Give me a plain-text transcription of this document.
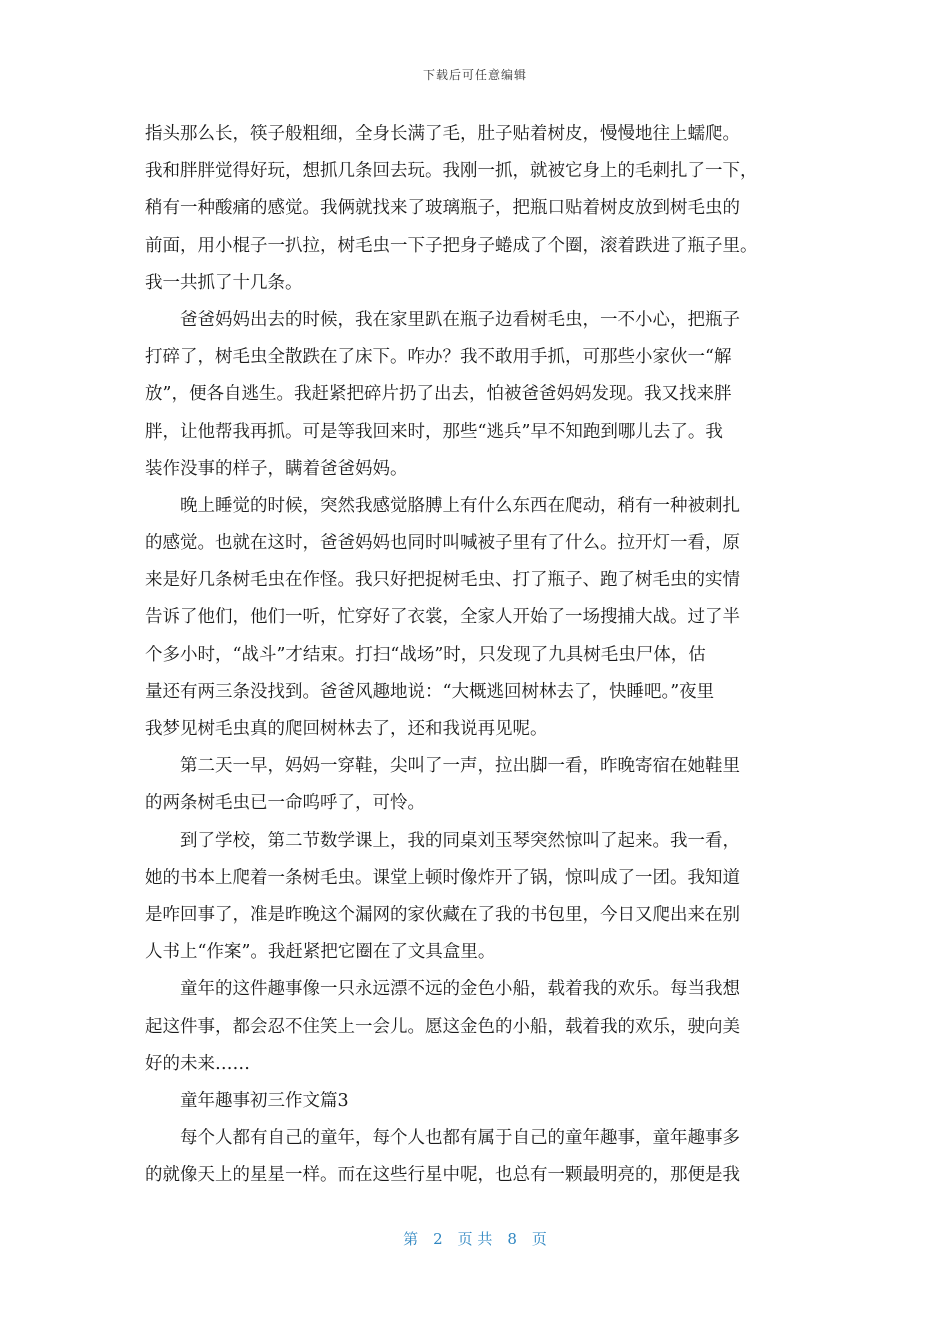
下载后可任意编辑
指头那么长，筷子般粗细，全身长满了毛，肚子贴着树皮，慢慢地往上蠕爬。
我和胖胖觉得好玩，想抓几条回去玩。我刚一抓，就被它身上的毛刺扎了一下，
稍有一种酸痛的感觉。我俩就找来了玻璃瓶子，把瓶口贴着树皮放到树毛虫的
前面，用小棍子一扒拉，树毛虫一下子把身子蜷成了个圈，滚着跌进了瓶子里。
我一共抓了十几条。
　　爸爸妈妈出去的时候，我在家里趴在瓶子边看树毛虫，一不小心，把瓶子
打碎了，树毛虫全散跌在了床下。咋办？我不敢用手抓，可那些小家伙一“解
放”，便各自逃生。我赶紧把碎片扔了出去，怕被爸爸妈妈发现。我又找来胖
胖，让他帮我再抓。可是等我回来时，那些“逃兵”早不知跑到哪儿去了。我
装作没事的样子，瞒着爸爸妈妈。
　　晚上睡觉的时候，突然我感觉胳膊上有什么东西在爬动，稍有一种被刺扎
的感觉。也就在这时，爸爸妈妈也同时叫喊被子里有了什么。拉开灯一看，原
来是好几条树毛虫在作怪。我只好把捉树毛虫、打了瓶子、跑了树毛虫的实情
告诉了他们，他们一听，忙穿好了衣裳，全家人开始了一场搜捕大战。过了半
个多小时，“战斗”才结束。打扫“战场”时，只发现了九具树毛虫尸体，估
量还有两三条没找到。爸爸风趣地说：“大概逃回树林去了，快睡吧。”夜里
我梦见树毛虫真的爬回树林去了，还和我说再见呢。
　　第二天一早，妈妈一穿鞋，尖叫了一声，拉出脚一看，昨晚寄宿在她鞋里
的两条树毛虫已一命呜呼了，可怜。
　　到了学校，第二节数学课上，我的同桌刘玉琴突然惊叫了起来。我一看，
她的书本上爬着一条树毛虫。课堂上顿时像炸开了锅，惊叫成了一团。我知道
是咋回事了，准是昨晚这个漏网的家伙藏在了我的书包里，今日又爬出来在别
人书上“作案”。我赶紧把它圈在了文具盒里。
　　童年的这件趣事像一只永远漂不远的金色小船，载着我的欢乐。每当我想
起这件事，都会忍不住笑上一会儿。愿这金色的小船，载着我的欢乐，驶向美
好的未来……
　　童年趣事初三作文篇3
　　每个人都有自己的童年，每个人也都有属于自己的童年趣事，童年趣事多
的就像天上的星星一样。而在这些行星中呢，也总有一颗最明亮的，那便是我
第　2　页 共　8　页
